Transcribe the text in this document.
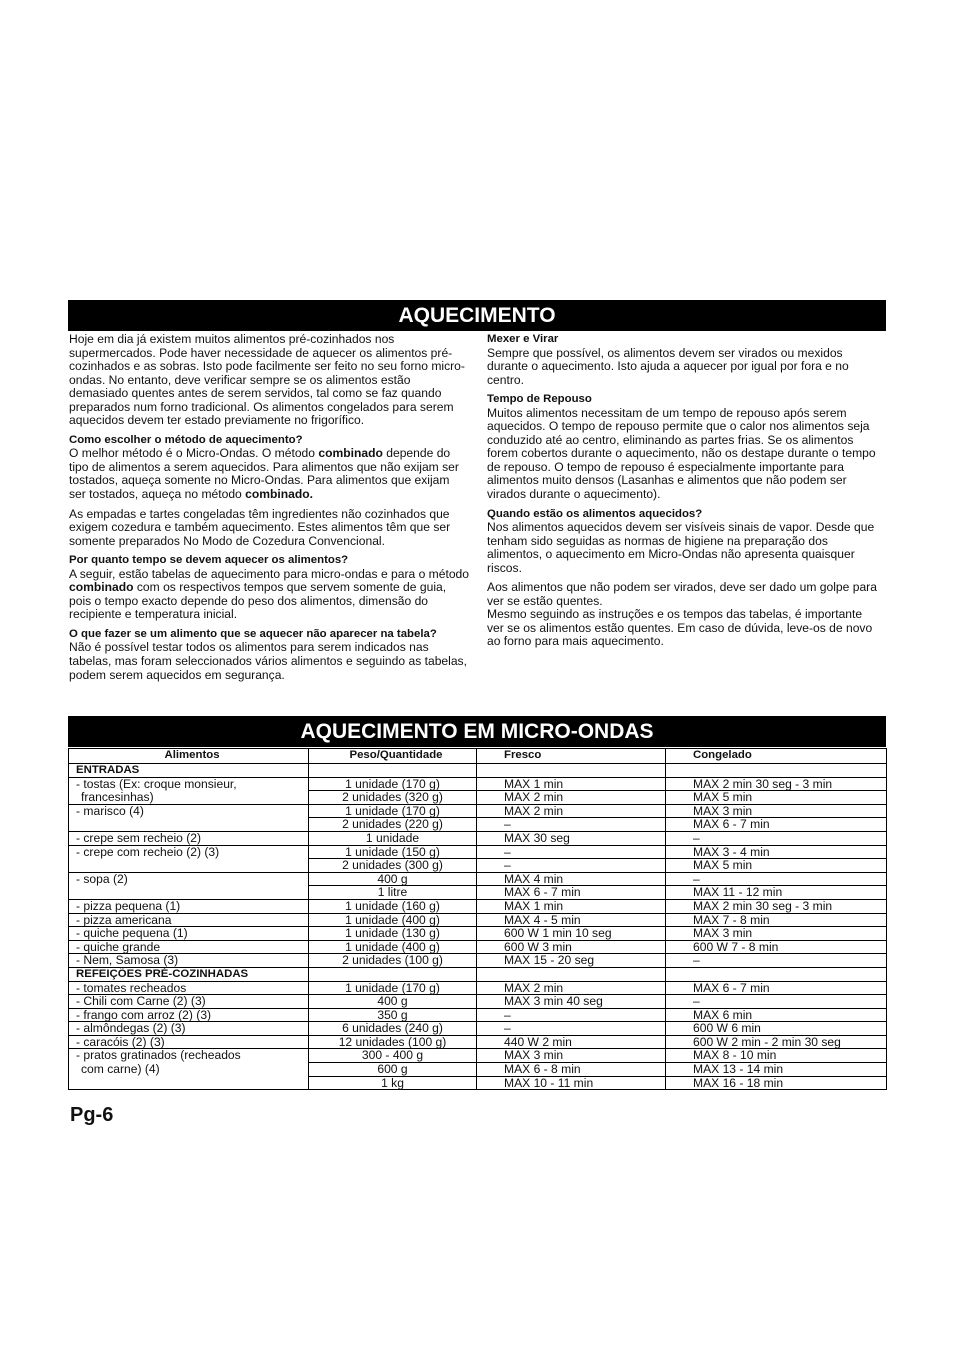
AQUECIMENTO

Hoje em dia já existem muitos alimentos pré-cozinhados nos supermercados. Pode haver necessidade de aquecer os alimentos pré-cozinhados e as sobras. Isto pode facilmente ser feito no seu forno micro-ondas. No entanto, deve verificar sempre se os alimentos estão demasiado quentes antes de serem servidos, tal como se faz quando preparados num forno tradicional. Os alimentos congelados para serem aquecidos devem ter estado previamente no frigorífico.

Como escolher o método de aquecimento?

O melhor método é o Micro-Ondas. O método combinado depende do tipo de alimentos a serem aquecidos. Para alimentos que não exijam ser tostados, aqueça somente no Micro-Ondas. Para alimentos que exijam ser tostados, aqueça no método combinado.

As empadas e tartes congeladas têm ingredientes não cozinhados que exigem cozedura e também aquecimento. Estes alimentos têm que ser somente preparados No Modo de Cozedura Convencional.

Por quanto tempo se devem aquecer os alimentos?

A seguir, estão tabelas de aquecimento para micro-ondas e para o método combinado com os respectivos tempos que servem somente de guia, pois o tempo exacto depende do peso dos alimentos, dimensão do recipiente e temperatura inicial.

O que fazer se um alimento que se aquecer não aparecer na tabela?

Não é possível testar todos os alimentos para serem indicados nas tabelas, mas foram seleccionados vários alimentos e seguindo as tabelas, podem serem aquecidos em segurança.

Mexer e Virar

Sempre que possível, os alimentos devem ser virados ou mexidos durante o aquecimento. Isto ajuda a aquecer por igual por fora e no centro.

Tempo de Repouso

Muitos alimentos necessitam de um tempo de repouso após serem aquecidos. O tempo de repouso permite que o calor nos alimentos seja conduzido até ao centro, eliminando as partes frias. Se os alimentos forem cobertos durante o aquecimento, não os destape durante o tempo de repouso. O tempo de repouso é especialmente importante para alimentos muito densos (Lasanhas e alimentos que não podem ser virados durante o aquecimento).

Quando estão os alimentos aquecidos?

Nos alimentos aquecidos devem ser visíveis sinais de vapor. Desde que tenham sido seguidas as normas de higiene na preparação dos alimentos, o aquecimento em Micro-Ondas não apresenta quaisquer riscos.

Aos alimentos que não podem ser virados, deve ser dado um golpe para ver se estão quentes.

Mesmo seguindo as instruções e os tempos das tabelas, é importante ver se os alimentos estão quentes. Em caso de dúvida, leve-os de novo ao forno para mais aquecimento.

AQUECIMENTO EM MICRO-ONDAS
Alimentos	Peso/Quantidade	Fresco	Congelado
ENTRADAS			
- tostas (Ex: croque monsieur,	1 unidade (170 g)	MAX 1 min	MAX 2 min 30 seg - 3 min
francesinhas)	2 unidades (320 g)	MAX 2 min	MAX 5 min
- marisco (4)	1 unidade (170 g)	MAX 2 min	MAX 3 min
	2 unidades (220 g)	–	MAX 6 - 7 min
- crepe sem recheio (2)	1 unidade	MAX 30 seg	–
- crepe com recheio (2) (3)	1 unidade (150 g)	–	MAX 3 - 4 min
	2 unidades (300 g)	–	MAX 5 min
- sopa (2)	400 g	MAX 4 min	–
	1 litre	MAX 6 - 7 min	MAX 11 - 12 min
- pizza pequena (1)	1 unidade (160 g)	MAX 1 min	MAX 2 min 30 seg - 3 min
- pizza americana	1 unidade (400 g)	MAX 4 - 5 min	MAX 7 - 8 min
- quiche pequena (1)	1 unidade (130 g)	600 W 1 min 10 seg	MAX 3 min
- quiche grande	1 unidade (400 g)	600 W 3 min	600 W 7 - 8 min
- Nem, Samosa (3)	2 unidades (100 g)	MAX 15 - 20 seg	–
REFEIÇÕES PRÉ-COZINHADAS			
- tomates recheados	1 unidade (170 g)	MAX 2 min	MAX 6 - 7 min
- Chili com Carne (2) (3)	400 g	MAX 3 min 40 seg	–
- frango com arroz (2) (3)	350 g	–	MAX 6 min
- almôndegas (2) (3)	6 unidades (240 g)	–	600 W 6 min
- caracóis (2) (3)	12 unidades (100 g)	440 W 2 min	600 W 2 min - 2 min 30 seg
- pratos gratinados (recheados	300 - 400 g	MAX 3 min	MAX 8 - 10 min
com carne) (4)	600 g	MAX 6 - 8 min	MAX 13 - 14 min
	1 kg	MAX 10 - 11 min	MAX 16 - 18 min
Pg-6
